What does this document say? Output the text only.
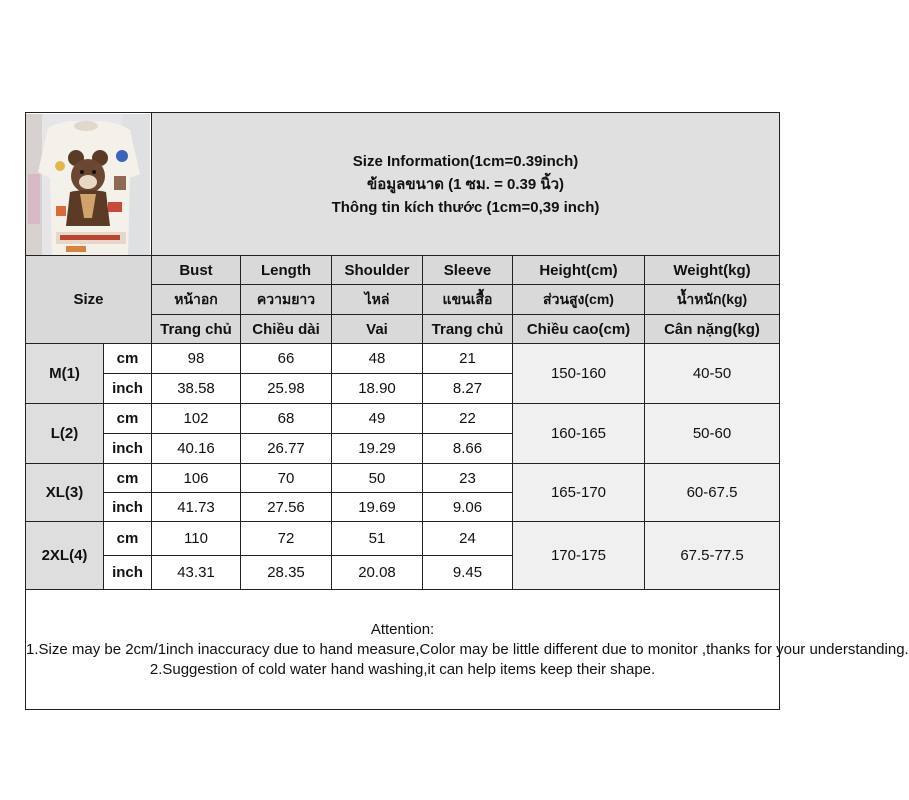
Size Information(1cm=0.39inch)
ข้อมูลขนาด (1 ซม. = 0.39 นิ้ว)
Thông tin kích thước (1cm=0,39 inch)					

Size		Bust	Length	Shoulder	Sleeve	Height(cm)	Weight(kg)
		หน้าอก	ความยาว	ไหล่	แขนเสื้อ	ส่วนสูง(cm)	น้ำหนัก(kg)
		Trang chủ	Chiều dài	Vai	Trang chủ	Chiều cao(cm)	Cân nặng(kg)
M(1)	cm	98	66	48	21	150-160	40-50
	inch	38.58	25.98	18.90	8.27		
L(2)	cm	102	68	49	22	160-165	50-60
	inch	40.16	26.77	19.29	8.66		
XL(3)	cm	106	70	50	23	165-170	60-67.5
	inch	41.73	27.56	19.69	9.06		
2XL(4)	cm	110	72	51	24	170-175	67.5-77.5
	inch	43.31	28.35	20.08	9.45		

Attention:
1.Size may be 2cm/1inch inaccuracy due to hand measure,Color may be little different due to monitor ,thanks for your understanding.
2.Suggestion of cold water hand washing,it can help items keep their shape.							
